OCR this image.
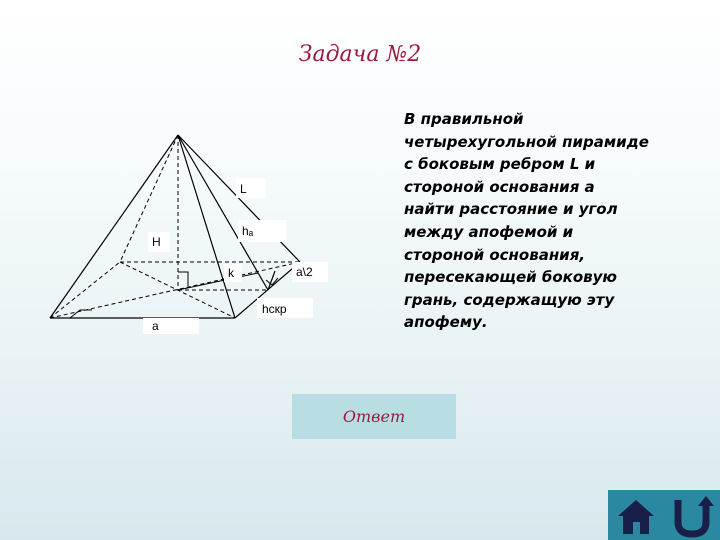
Задача №2
L
H
hₐ
k	a\2
hскр
a
В правильной
четырехугольной пирамиде
с боковым ребром L и
стороной основания а
найти расстояние и угол
между апофемой и
стороной основания,
пересекающей боковую
грань, содержащую эту
апофему.
Ответ
